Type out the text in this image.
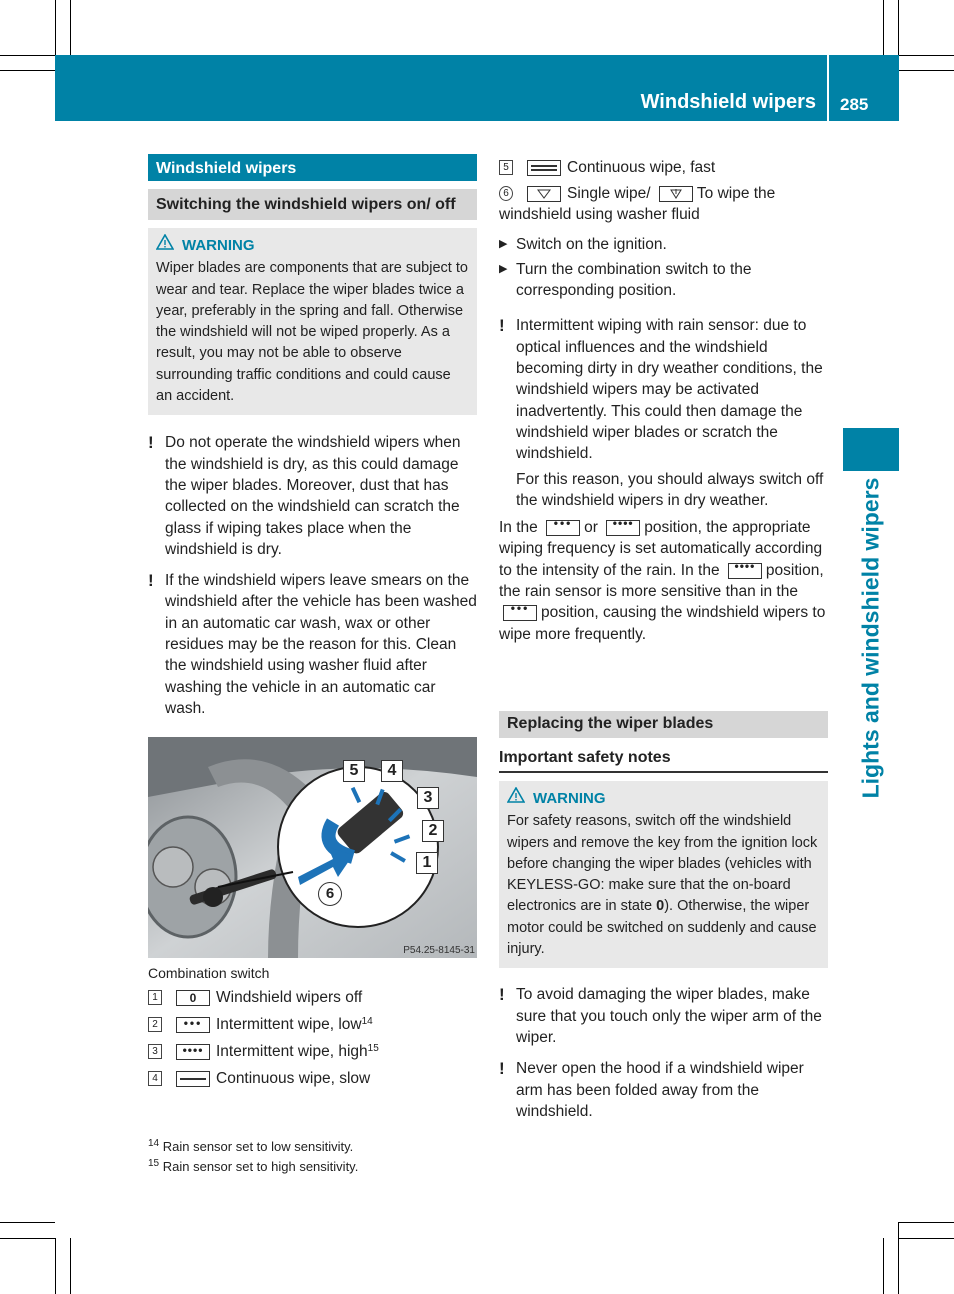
Windshield wipers 285
Lights and windshield wipers
Windshield wipers
Switching the windshield wipers on/ off
WARNING
Wiper blades are components that are subject to wear and tear. Replace the wiper blades twice a year, preferably in the spring and fall. Otherwise the windshield will not be wiped properly. As a result, you may not be able to observe surrounding traffic conditions and could cause an accident.
! Do not operate the windshield wipers when the windshield is dry, as this could damage the wiper blades. Moreover, dust that has collected on the windshield can scratch the glass if wiping takes place when the windshield is dry.
! If the windshield wipers leave smears on the windshield after the vehicle has been washed in an automatic car wash, wax or other residues may be the reason for this. Clean the windshield using washer fluid after washing the vehicle in an automatic car wash.
5	4
3
2
1
6
P54.25-8145-31
Combination switch
1	0	Windshield wipers off
2	••• Intermittent wipe, low$^{14}$
3	•••• Intermittent wipe, high$^{15}$
4	Continuous wipe, slow
$^{14}$ Rain sensor set to low sensitivity.
$^{15}$ Rain sensor set to high sensitivity.
5	Continuous wipe, fast
6	Single wipe/	To wipe the windshield using washer fluid
▶ Switch on the ignition.
▶ Turn the combination switch to the corresponding position.
! Intermittent wiping with rain sensor: due to optical influences and the windshield becoming dirty in dry weather conditions, the windshield wipers may be activated inadvertently. This could then damage the windshield wiper blades or scratch the windshield.
For this reason, you should always switch off the windshield wipers in dry weather.
In the	••• or	•••• position, the appropriate wiping frequency is set automatically according to the intensity of the rain. In the	•••• position, the rain sensor is more sensitive than in the
••• position, causing the windshield wipers to wipe more frequently.
Replacing the wiper blades
Important safety notes
WARNING
For safety reasons, switch off the windshield wipers and remove the key from the ignition lock before changing the wiper blades (vehicles with KEYLESS-GO: make sure that the on-board electronics are in state 0). Otherwise, the wiper motor could be switched on suddenly and cause injury.
! To avoid damaging the wiper blades, make sure that you touch only the wiper arm of the wiper.
! Never open the hood if a windshield wiper arm has been folded away from the windshield.
